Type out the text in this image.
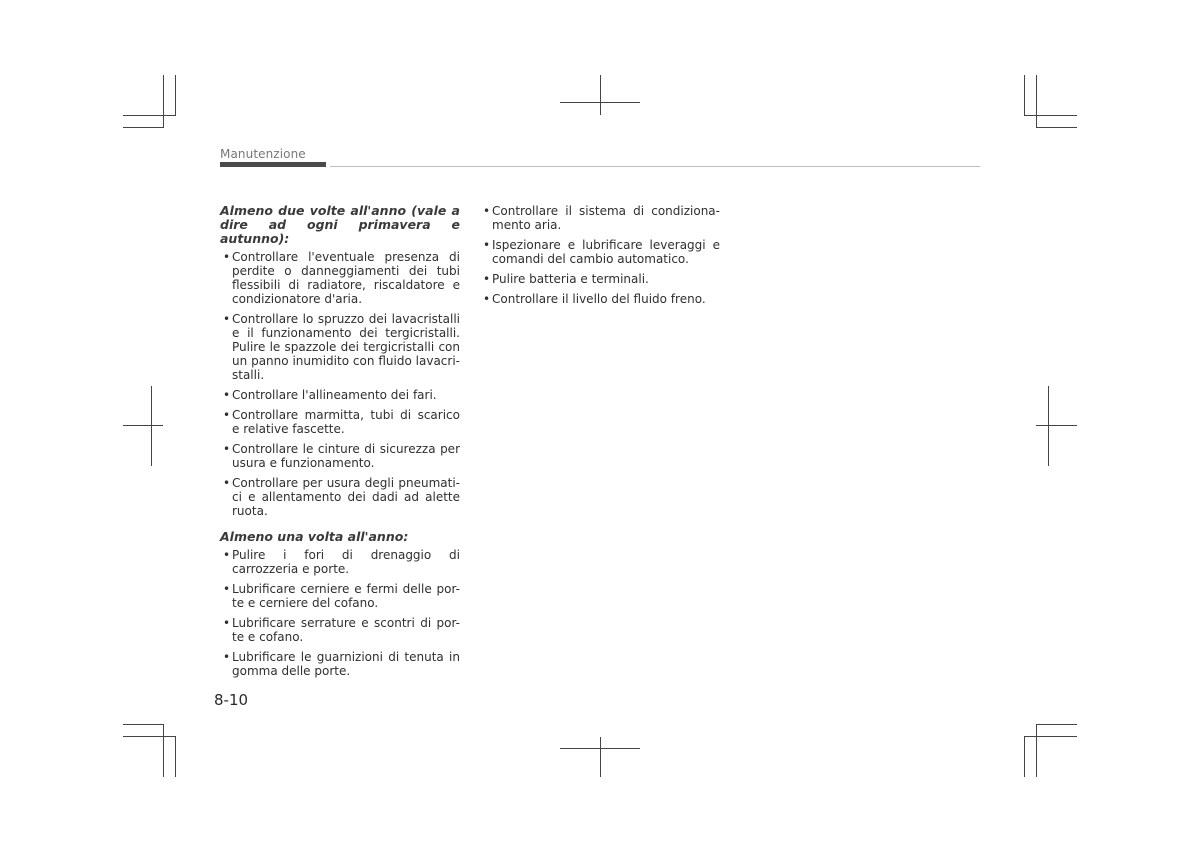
Manutenzione
Almeno due volte all'anno (vale a dire ad ogni primavera e autunno):
• Controllare l'eventuale presenza di perdite o danneggiamenti dei tubi flessibili di radiatore, riscaldatore e condizionatore d'aria.
• Controllare lo spruzzo dei lavacristalli e il funzionamento dei tergicristalli. Pulire le spazzole dei tergicristalli con un panno inumidito con fluido lavacri-stalli.
• Controllare l'allineamento dei fari.
• Controllare marmitta, tubi di scarico e relative fascette.
• Controllare le cinture di sicurezza per usura e funzionamento.
• Controllare per usura degli pneumati-ci e allentamento dei dadi ad alette ruota.
Almeno una volta all'anno:
• Pulire i fori di drenaggio di carrozzeria e porte.
• Lubrificare cerniere e fermi delle por-te e cerniere del cofano.
• Lubrificare serrature e scontri di por-te e cofano.
• Lubrificare le guarnizioni di tenuta in gomma delle porte.
• Controllare il sistema di condiziona-mento aria.
• Ispezionare e lubrificare leveraggi e comandi del cambio automatico.
• Pulire batteria e terminali.
• Controllare il livello del fluido freno.
8-10
